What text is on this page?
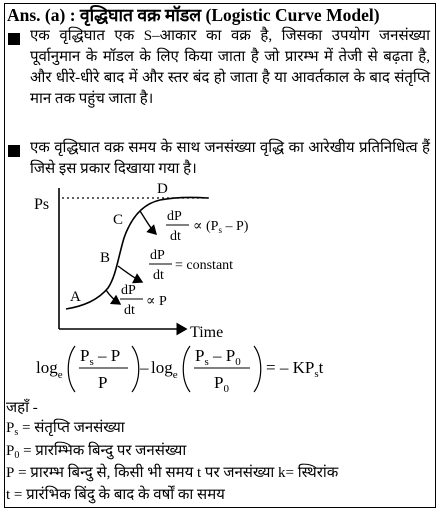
Ans. (a) : वृद्धिघात वक्र मॉडल (Logistic Curve Model)
एक वृद्धिघात एक S–आकार का वक्र है, जिसका उपयोग जनसंख्या पूर्वानुमान के मॉडल के लिए किया जाता है जो प्रारम्भ में तेजी से बढ़ता है, और धीरे-धीरे बाद में और स्तर बंद हो जाता है या आवर्तकाल के बाद संतृप्ति मान तक पहुंच जाता है।
एक वृद्धिघात वक्र समय के साथ जनसंख्या वृद्धि का आरेखीय प्रतिनिधित्व हैं जिसे इस प्रकार दिखाया गया है।
Time
Ps
A
B
C
D
dP
dt
∝ $(P_s - P)$
dP
dt
= constant
dP
dt
∝ P
$\log_e$
$P_s$ – P
P
– $\log_e$
$P_s - P_0$
$P_0$
= – $KP_st$
जहाँ -
$P_s$ = संतृप्ति जनसंख्या
$P_0$ = प्रारम्भिक बिन्दु पर जनसंख्या
P = प्रारम्भ बिन्दु से, किसी भी समय t पर जनसंख्या k= स्थिरांक
t = प्रारंभिक बिंदु के बाद के वर्षों का समय
